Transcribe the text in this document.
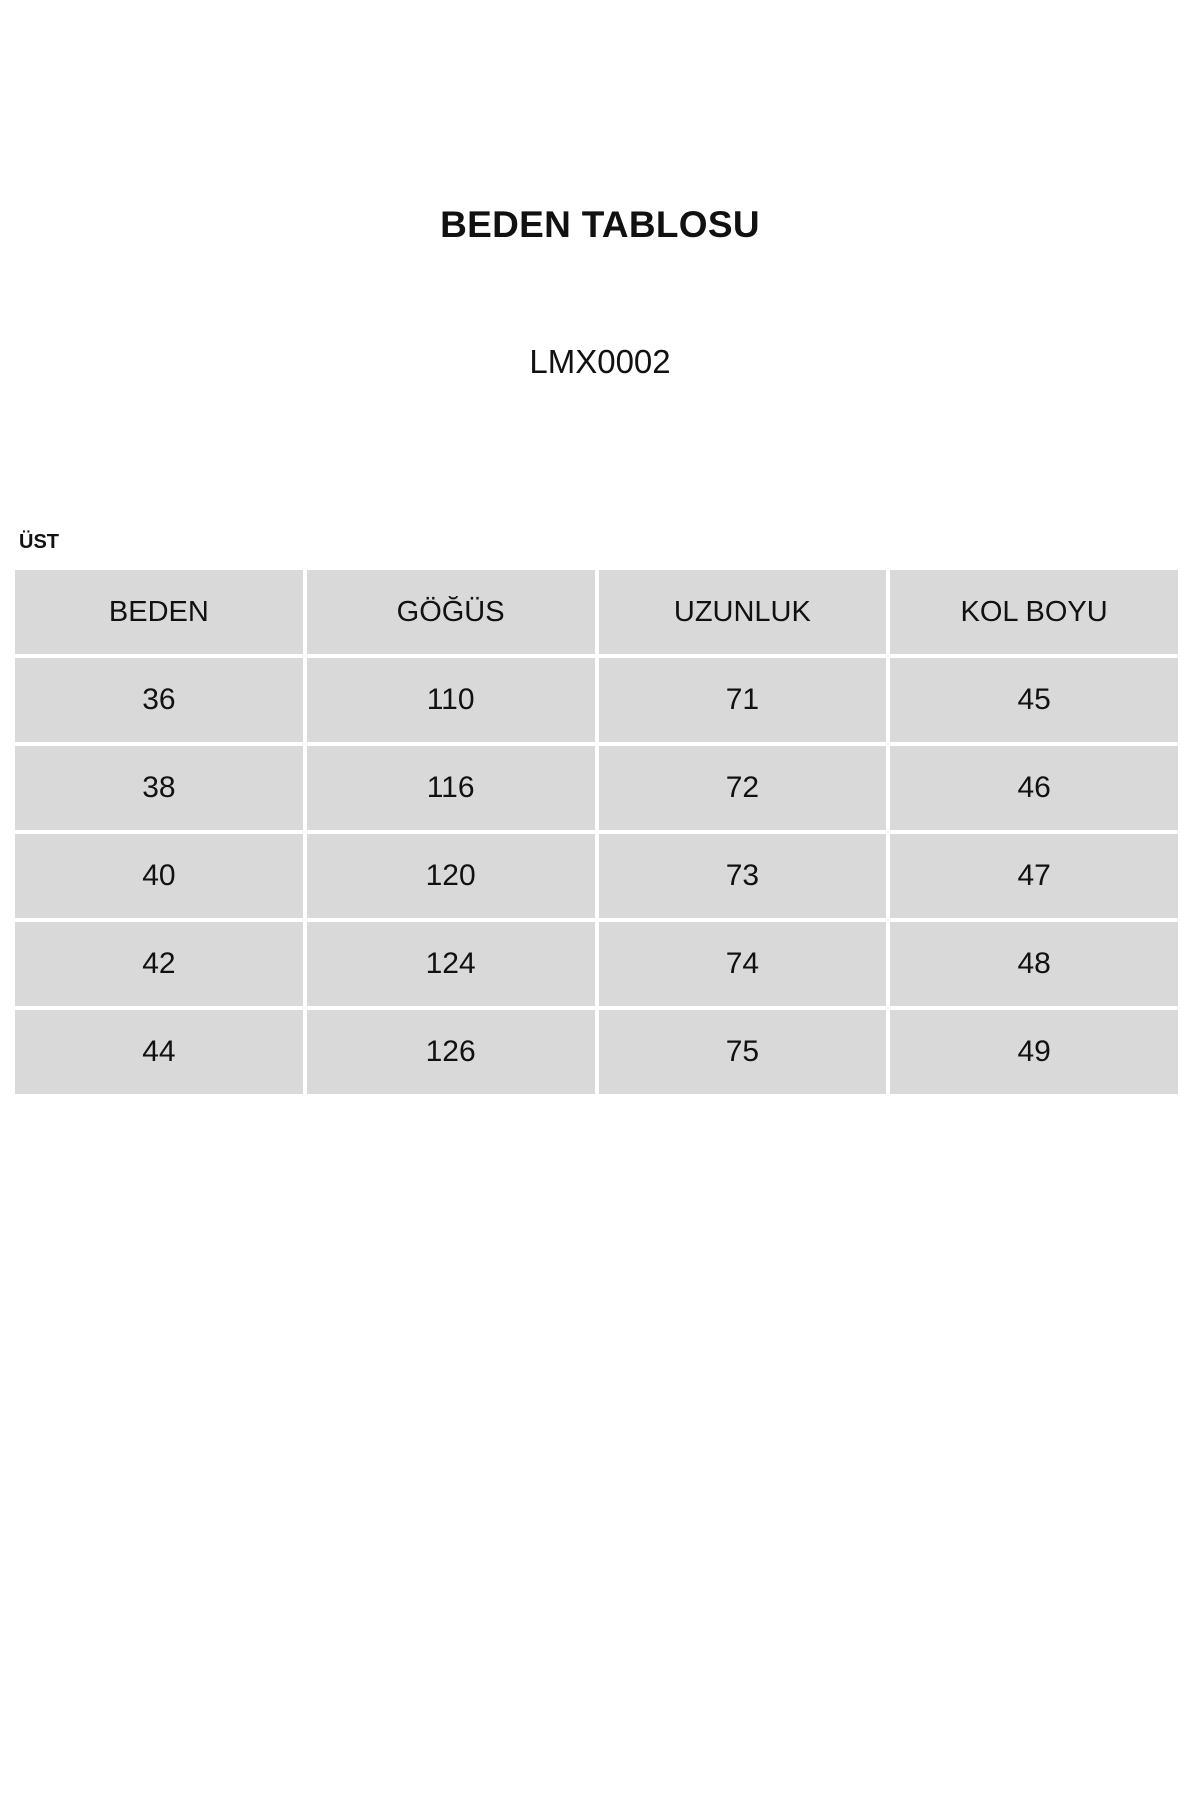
BEDEN TABLOSU
LMX0002
ÜST
BEDEN	GÖĞÜS	UZUNLUK	KOL BOYU
36	110	71	45
38	116	72	46
40	120	73	47
42	124	74	48
44	126	75	49
